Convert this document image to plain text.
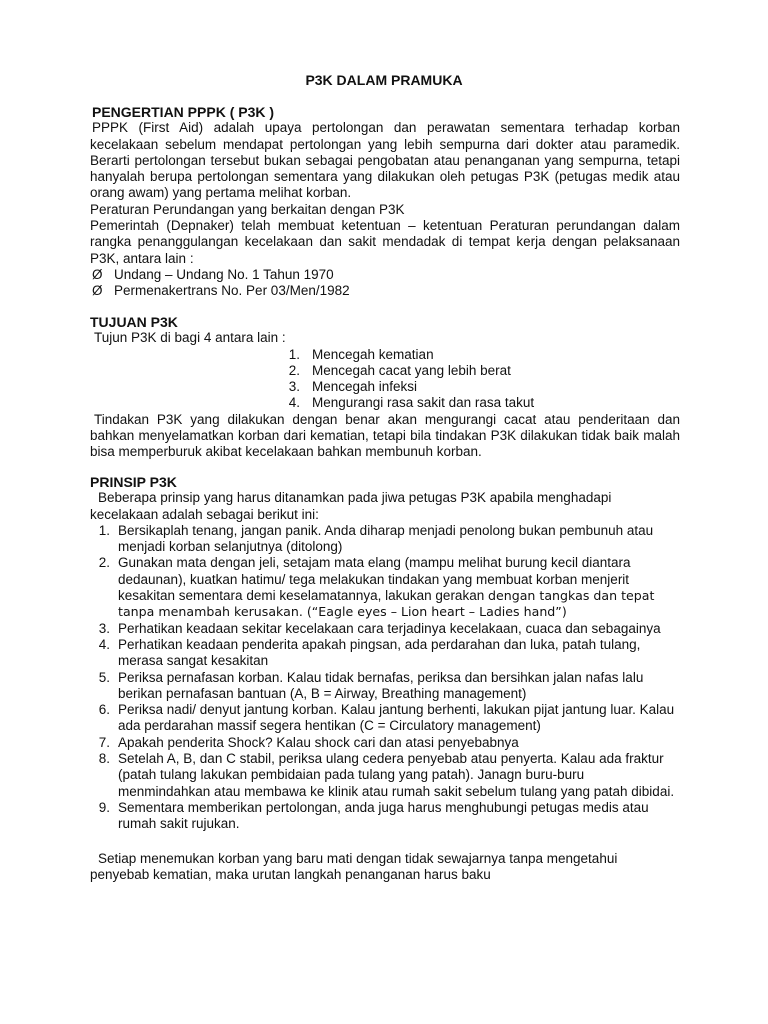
P3K DALAM PRAMUKA
PENGERTIAN PPPK ( P3K )

PPPK (First Aid) adalah upaya pertolongan dan perawatan sementara terhadap korban kecelakaan sebelum mendapat pertolongan yang lebih sempurna dari dokter atau paramedik. Berarti pertolongan tersebut bukan sebagai pengobatan atau penanganan yang sempurna, tetapi hanyalah berupa pertolongan sementara yang dilakukan oleh petugas P3K (petugas medik atau orang awam) yang pertama melihat korban.

Peraturan Perundangan yang berkaitan dengan P3K

Pemerintah (Depnaker) telah membuat ketentuan – ketentuan Peraturan perundangan dalam rangka penanggulangan kecelakaan dan sakit mendadak di tempat kerja dengan pelaksanaan P3K, antara lain :

Ø Undang – Undang No. 1 Tahun 1970
Ø Permenakertrans No. Per 03/Men/1982
TUJUAN P3K

Tujun P3K di bagi 4 antara lain :

1. Mencegah kematian
2. Mencegah cacat yang lebih berat
3. Mencegah infeksi
4. Mengurangi rasa sakit dan rasa takut

Tindakan P3K yang dilakukan dengan benar akan mengurangi cacat atau penderitaan dan bahkan menyelamatkan korban dari kematian, tetapi bila tindakan P3K dilakukan tidak baik malah bisa memperburuk akibat kecelakaan bahkan membunuh korban.

PRINSIP P3K

Beberapa prinsip yang harus ditanamkan pada jiwa petugas P3K apabila menghadapi kecelakaan adalah sebagai berikut ini:

1. Bersikaplah tenang, jangan panik. Anda diharap menjadi penolong bukan pembunuh atau menjadi korban selanjutnya (ditolong)
2. Gunakan mata dengan jeli, setajam mata elang (mampu melihat burung kecil diantara dedaunan), kuatkan hatimu/ tega melakukan tindakan yang membuat korban menjerit kesakitan sementara demi keselamatannya, lakukan gerakan dengan tangkas dan tepat tanpa menambah kerusakan. (“Eagle eyes – Lion heart – Ladies hand”)
3. Perhatikan keadaan sekitar kecelakaan cara terjadinya kecelakaan, cuaca dan sebagainya
4. Perhatikan keadaan penderita apakah pingsan, ada perdarahan dan luka, patah tulang, merasa sangat kesakitan
5. Periksa pernafasan korban. Kalau tidak bernafas, periksa dan bersihkan jalan nafas lalu berikan pernafasan bantuan (A, B = Airway, Breathing management)
6. Periksa nadi/ denyut jantung korban. Kalau jantung berhenti, lakukan pijat jantung luar. Kalau ada perdarahan massif segera hentikan (C = Circulatory management)
7. Apakah penderita Shock? Kalau shock cari dan atasi penyebabnya
8. Setelah A, B, dan C stabil, periksa ulang cedera penyebab atau penyerta. Kalau ada fraktur (patah tulang lakukan pembidaian pada tulang yang patah). Janagn buru-buru menmindahkan atau membawa ke klinik atau rumah sakit sebelum tulang yang patah dibidai.
9. Sementara memberikan pertolongan, anda juga harus menghubungi petugas medis atau rumah sakit rujukan.

Setiap menemukan korban yang baru mati dengan tidak sewajarnya tanpa mengetahui penyebab kematian, maka urutan langkah penanganan harus baku
